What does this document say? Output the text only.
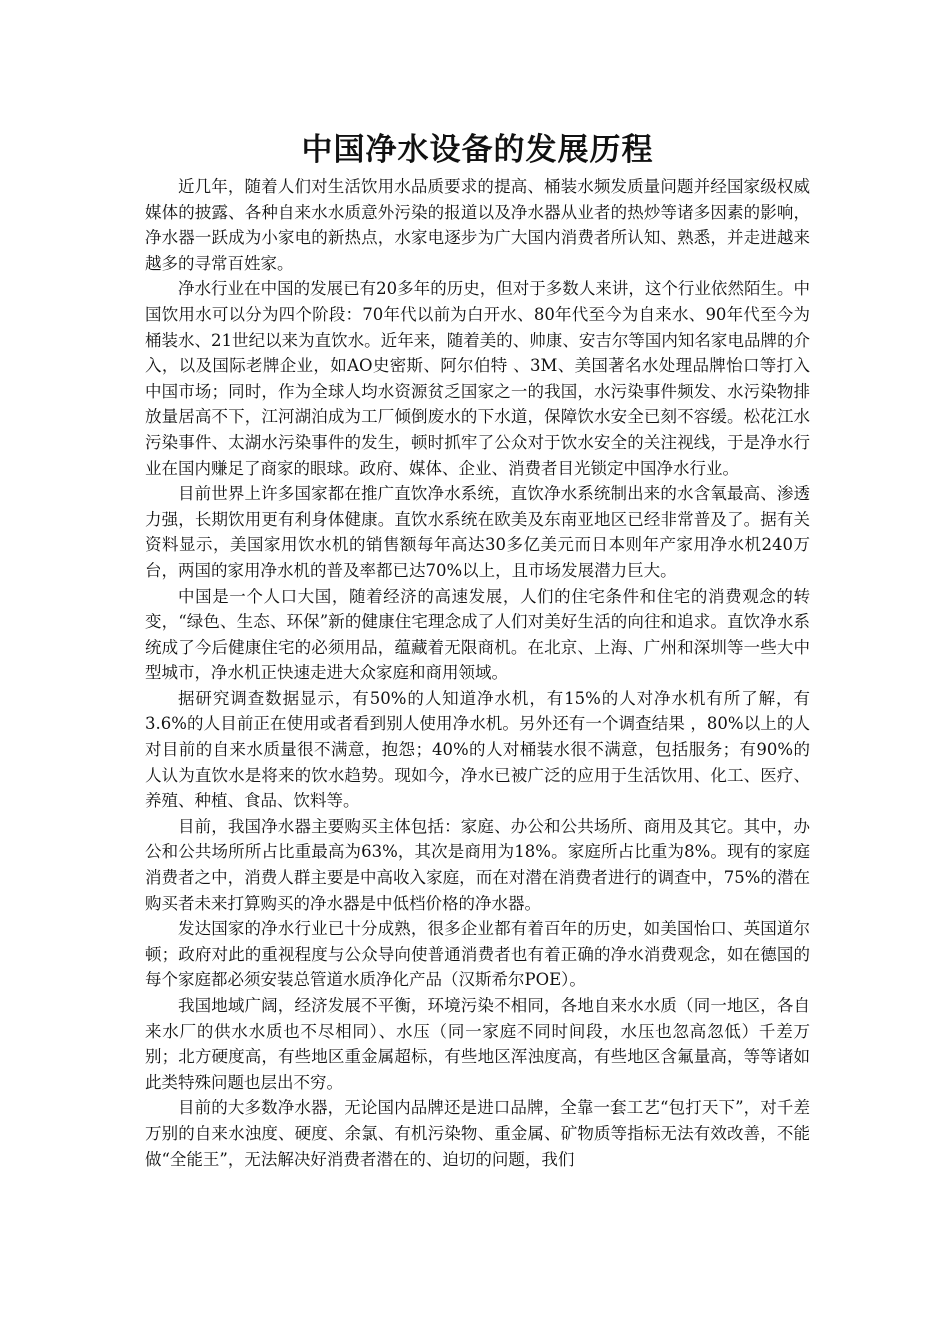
中国净水设备的发展历程

近几年，随着人们对生活饮用水品质要求的提高、桶装水频发质量问题并经国家级权威媒体的披露、各种自来水水质意外污染的报道以及净水器从业者的热炒等诸多因素的影响，净水器一跃成为小家电的新热点，水家电逐步为广大国内消费者所认知、熟悉，并走进越来越多的寻常百姓家。

净水行业在中国的发展已有20多年的历史，但对于多数人来讲，这个行业依然陌生。中国饮用水可以分为四个阶段：70年代以前为白开水、80年代至今为自来水、90年代至今为桶装水、21世纪以来为直饮水。近年来，随着美的、帅康、安吉尔等国内知名家电品牌的介入，以及国际老牌企业，如AO史密斯、阿尔伯特 、3M、美国著名水处理品牌怡口等打入中国市场；同时，作为全球人均水资源贫乏国家之一的我国，水污染事件频发、水污染物排放量居高不下，江河湖泊成为工厂倾倒废水的下水道，保障饮水安全已刻不容缓。松花江水污染事件、太湖水污染事件的发生，顿时抓牢了公众对于饮水安全的关注视线，于是净水行业在国内赚足了商家的眼球。政府、媒体、企业、消费者目光锁定中国净水行业。

目前世界上许多国家都在推广直饮净水系统，直饮净水系统制出来的水含氧最高、渗透力强，长期饮用更有利身体健康。直饮水系统在欧美及东南亚地区已经非常普及了。据有关资料显示，美国家用饮水机的销售额每年高达30多亿美元而日本则年产家用净水机240万台，两国的家用净水机的普及率都已达70%以上，且市场发展潜力巨大。

中国是一个人口大国，随着经济的高速发展，人们的住宅条件和住宅的消费观念的转变，“绿色、生态、环保”新的健康住宅理念成了人们对美好生活的向往和追求。直饮净水系统成了今后健康住宅的必须用品，蕴藏着无限商机。在北京、上海、广州和深圳等一些大中型城市，净水机正快速走进大众家庭和商用领域。

据研究调查数据显示，有50%的人知道净水机，有15%的人对净水机有所了解，有3.6%的人目前正在使用或者看到别人使用净水机。另外还有一个调查结果 ，80%以上的人对目前的自来水质量很不满意，抱怨；40%的人对桶装水很不满意，包括服务；有90%的人认为直饮水是将来的饮水趋势。现如今，净水已被广泛的应用于生活饮用、化工、医疗、养殖、种植、食品、饮料等。

目前，我国净水器主要购买主体包括：家庭、办公和公共场所、商用及其它。其中，办公和公共场所所占比重最高为63%，其次是商用为18%。家庭所占比重为8%。现有的家庭消费者之中，消费人群主要是中高收入家庭，而在对潜在消费者进行的调查中，75%的潜在购买者未来打算购买的净水器是中低档价格的净水器。

发达国家的净水行业已十分成熟，很多企业都有着百年的历史，如美国怡口、英国道尔顿；政府对此的重视程度与公众导向使普通消费者也有着正确的净水消费观念，如在德国的每个家庭都必须安装总管道水质净化产品（汉斯希尔POE）。

我国地域广阔，经济发展不平衡，环境污染不相同，各地自来水水质（同一地区，各自来水厂的供水水质也不尽相同）、水压（同一家庭不同时间段，水压也忽高忽低）千差万别；北方硬度高，有些地区重金属超标，有些地区浑浊度高，有些地区含氟量高，等等诸如此类特殊问题也层出不穷。

目前的大多数净水器，无论国内品牌还是进口品牌，全靠一套工艺“包打天下”，对千差万别的自来水浊度、硬度、余氯、有机污染物、重金属、矿物质等指标无法有效改善，不能做“全能王”，无法解决好消费者潜在的、迫切的问题，我们
